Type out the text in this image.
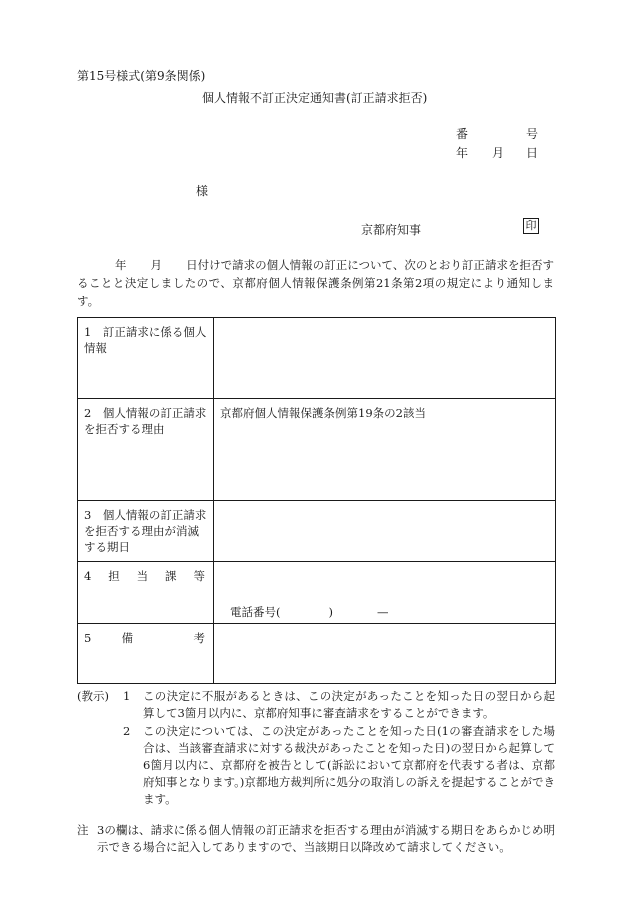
第15号様式(第9条関係)
個人情報不訂正決定通知書(訂正請求拒否)
番	号
年 月 日
様
京都府知事	印
年 月 日付けで請求の個人情報の訂正について、次のとおり訂正請求を拒否することと決定しましたので、京都府個人情報保護条例第21条第2項の規定により通知します。
1　訂正請求に係る個人情報	
2　個人情報の訂正請求を拒否する理由	京都府個人情報保護条例第19条の2該当
3　個人情報の訂正請求を拒否する理由が消滅する期日	

4 担 当 課 等	電話番号( ) —

5 備 考	

(教示)	1	この決定に不服があるときは、この決定があったことを知った日の翌日から起算して3箇月以内に、京都府知事に審査請求をすることができます。
2	この決定については、この決定があったことを知った日(1の審査請求をした場合は、当該審査請求に対する裁決があったことを知った日)の翌日から起算して6箇月以内に、京都府を被告として(訴訟において京都府を代表する者は、京都府知事となります。)京都地方裁判所に処分の取消しの訴えを提起することができます。
注 3の欄は、請求に係る個人情報の訂正請求を拒否する理由が消滅する期日をあらかじめ明示できる場合に記入してありますので、当該期日以降改めて請求してください。
